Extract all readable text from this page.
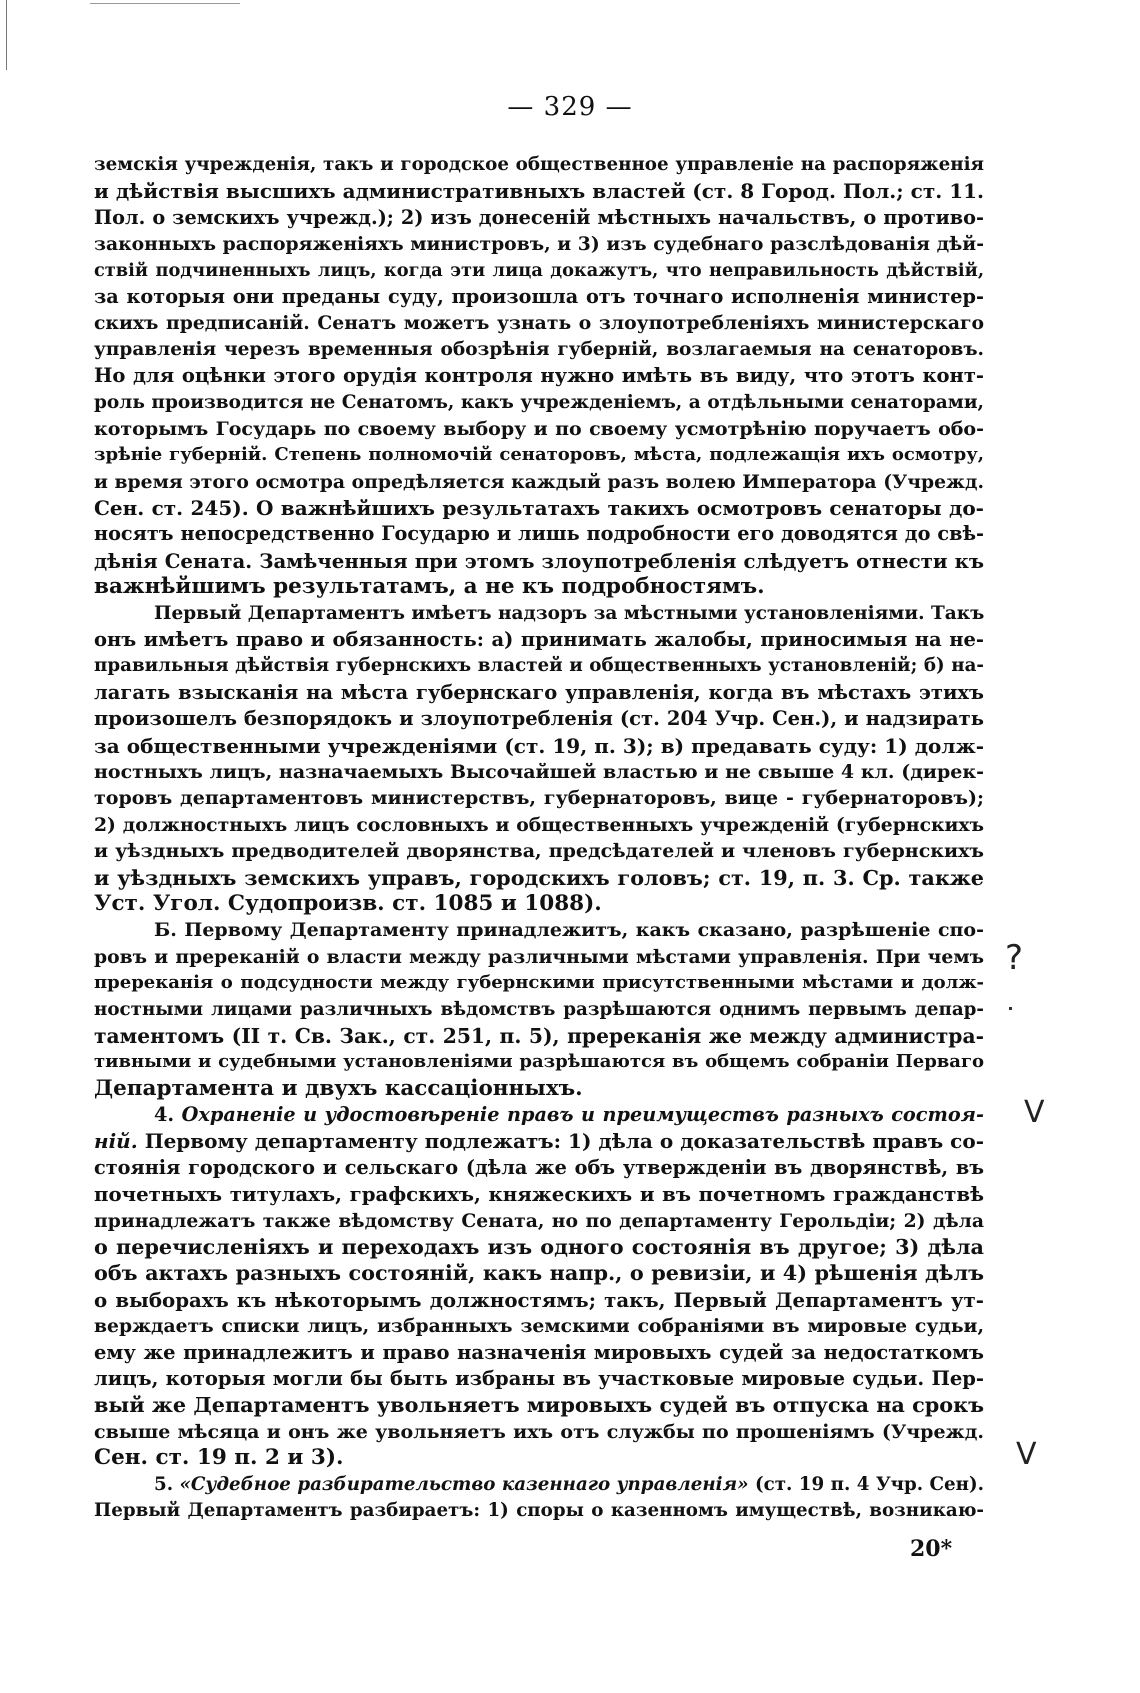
— 329 —
земскія учрежденія, такъ и городское общественное управленіе на распоряженія
и дѣйствія высшихъ административныхъ властей (ст. 8 Город. Пол.; ст. 11.
Пол. о земскихъ учрежд.); 2) изъ донесеній мѣстныхъ начальствъ, о противо-
законныхъ распоряженіяхъ министровъ, и 3) изъ судебнаго разслѣдованія дѣй-
ствій подчиненныхъ лицъ, когда эти лица докажутъ, что неправильность дѣйствій,
за которыя они преданы суду, произошла отъ точнаго исполненія министер-
скихъ предписаній. Сенатъ можетъ узнать о злоупотребленіяхъ министерскаго
управленія черезъ временныя обозрѣнія губерній, возлагаемыя на сенаторовъ.
Но для оцѣнки этого орудія контроля нужно имѣть въ виду, что этотъ конт-
роль производится не Сенатомъ, какъ учрежденіемъ, а отдѣльными сенаторами,
которымъ Государь по своему выбору и по своему усмотрѣнію поручаетъ обо-
зрѣніе губерній. Степень полномочій сенаторовъ, мѣста, подлежащія ихъ осмотру,
и время этого осмотра опредѣляется каждый разъ волею Императора (Учрежд.
Сен. ст. 245). О важнѣйшихъ результатахъ такихъ осмотровъ сенаторы до-
носятъ непосредственно Государю и лишь подробности его доводятся до свѣ-
дѣнія Сената. Замѣченныя при этомъ злоупотребленія слѣдуетъ отнести къ
важнѣйшимъ результатамъ, а не къ подробностямъ.
Первый Департаментъ имѣетъ надзоръ за мѣстными установленіями. Такъ
онъ имѣетъ право и обязанность: а) принимать жалобы, приносимыя на не-
правильныя дѣйствія губернскихъ властей и общественныхъ установленій; б) на-
лагать взысканія на мѣста губернскаго управленія, когда въ мѣстахъ этихъ
произошелъ безпорядокъ и злоупотребленія (ст. 204 Учр. Сен.), и надзирать
за общественными учрежденіями (ст. 19, п. 3); в) предавать суду: 1) долж-
ностныхъ лицъ, назначаемыхъ Высочайшей властью и не свыше 4 кл. (дирек-
торовъ департаментовъ министерствъ, губернаторовъ, вице - губернаторовъ);
2) должностныхъ лицъ сословныхъ и общественныхъ учрежденій (губернскихъ
и уѣздныхъ предводителей дворянства, предсѣдателей и членовъ губернскихъ
и уѣздныхъ земскихъ управъ, городскихъ головъ; ст. 19, п. 3. Ср. также
Уст. Угол. Судопроизв. ст. 1085 и 1088).
Б. Первому Департаменту принадлежитъ, какъ сказано, разрѣшеніе спо-
ровъ и пререканій о власти между различными мѣстами управленія. При чемъ
пререканія о подсудности между губернскими присутственными мѣстами и долж-
ностными лицами различныхъ вѣдомствъ разрѣшаются однимъ первымъ депар-
таментомъ (II т. Св. Зак., ст. 251, п. 5), пререканія же между администра-
тивными и судебными установленіями разрѣшаются въ общемъ собраніи Перваго
Департамента и двухъ кассаціонныхъ.
4. Охраненіе и удостовѣреніе правъ и преимуществъ разныхъ состоя-
ній. Первому департаменту подлежатъ: 1) дѣла о доказательствѣ правъ со-
стоянія городского и сельскаго (дѣла же объ утвержденіи въ дворянствѣ, въ
почетныхъ титулахъ, графскихъ, княжескихъ и въ почетномъ гражданствѣ
принадлежатъ также вѣдомству Сената, но по департаменту Герольдіи; 2) дѣла
о перечисленіяхъ и переходахъ изъ одного состоянія въ другое; 3) дѣла
объ актахъ разныхъ состояній, какъ напр., о ревизіи, и 4) рѣшенія дѣлъ
о выборахъ къ нѣкоторымъ должностямъ; такъ, Первый Департаментъ ут-
верждаетъ списки лицъ, избранныхъ земскими собраніями въ мировые судьи,
ему же принадлежитъ и право назначенія мировыхъ судей за недостаткомъ
лицъ, которыя могли бы быть избраны въ участковые мировые судьи. Пер-
вый же Департаментъ увольняетъ мировыхъ судей въ отпуска на срокъ
свыше мѣсяца и онъ же увольняетъ ихъ отъ службы по прошеніямъ (Учрежд.
Сен. ст. 19 п. 2 и 3).
5. «Судебное разбирательство казеннаго управленія» (ст. 19 п. 4 Учр. Сен).
Первый Департаментъ разбираетъ: 1) споры о казенномъ имуществѣ, возникаю-
20*
?
V
V
